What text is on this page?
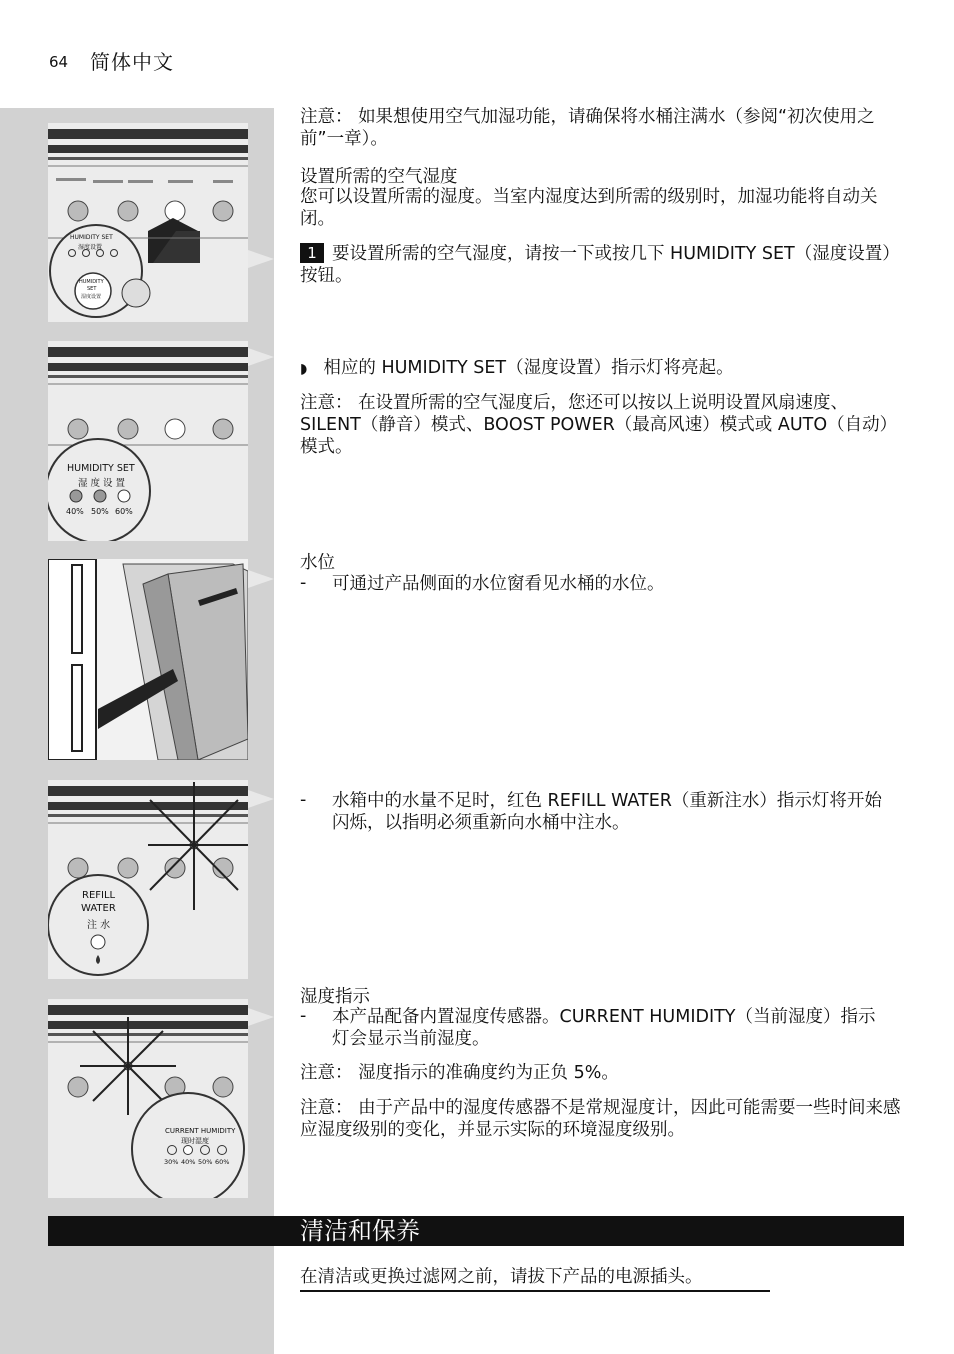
64 简体中文
HUMIDITY SET
湿度设置
HUMIDITY
SET
湿度设置
注意： 如果想使用空气加湿功能，请确保将水桶注满水（参阅“初次使用之前”一章）。
设置所需的空气湿度
您可以设置所需的湿度。当室内湿度达到所需的级别时，加湿功能将自动关闭。
1 要设置所需的空气湿度，请按一下或按几下 HUMIDITY SET（湿度设置）按钮。
HUMIDITY SET
湿 度 设 置
40% 50% 60%
◗ 相应的 HUMIDITY SET（湿度设置）指示灯将亮起。
注意： 在设置所需的空气湿度后，您还可以按以上说明设置风扇速度、SILENT（静音）模式、BOOST POWER（最高风速）模式或 AUTO（自动）模式。
水位
- 可通过产品侧面的水位窗看见水桶的水位。
REFILL
WATER
注 水
- 水箱中的水量不足时，红色 REFILL WATER（重新注水）指示灯将开始闪烁，以指明必须重新向水桶中注水。
CURRENT HUMIDITY
现时湿度
30% 40% 50% 60%
湿度指示
- 本产品配备内置湿度传感器。CURRENT HUMIDITY（当前湿度）指示灯会显示当前湿度。
注意： 湿度指示的准确度约为正负 5%。
注意： 由于产品中的湿度传感器不是常规湿度计，因此可能需要一些时间来感应湿度级别的变化，并显示实际的环境湿度级别。
清洁和保养
在清洁或更换过滤网之前，请拔下产品的电源插头。
